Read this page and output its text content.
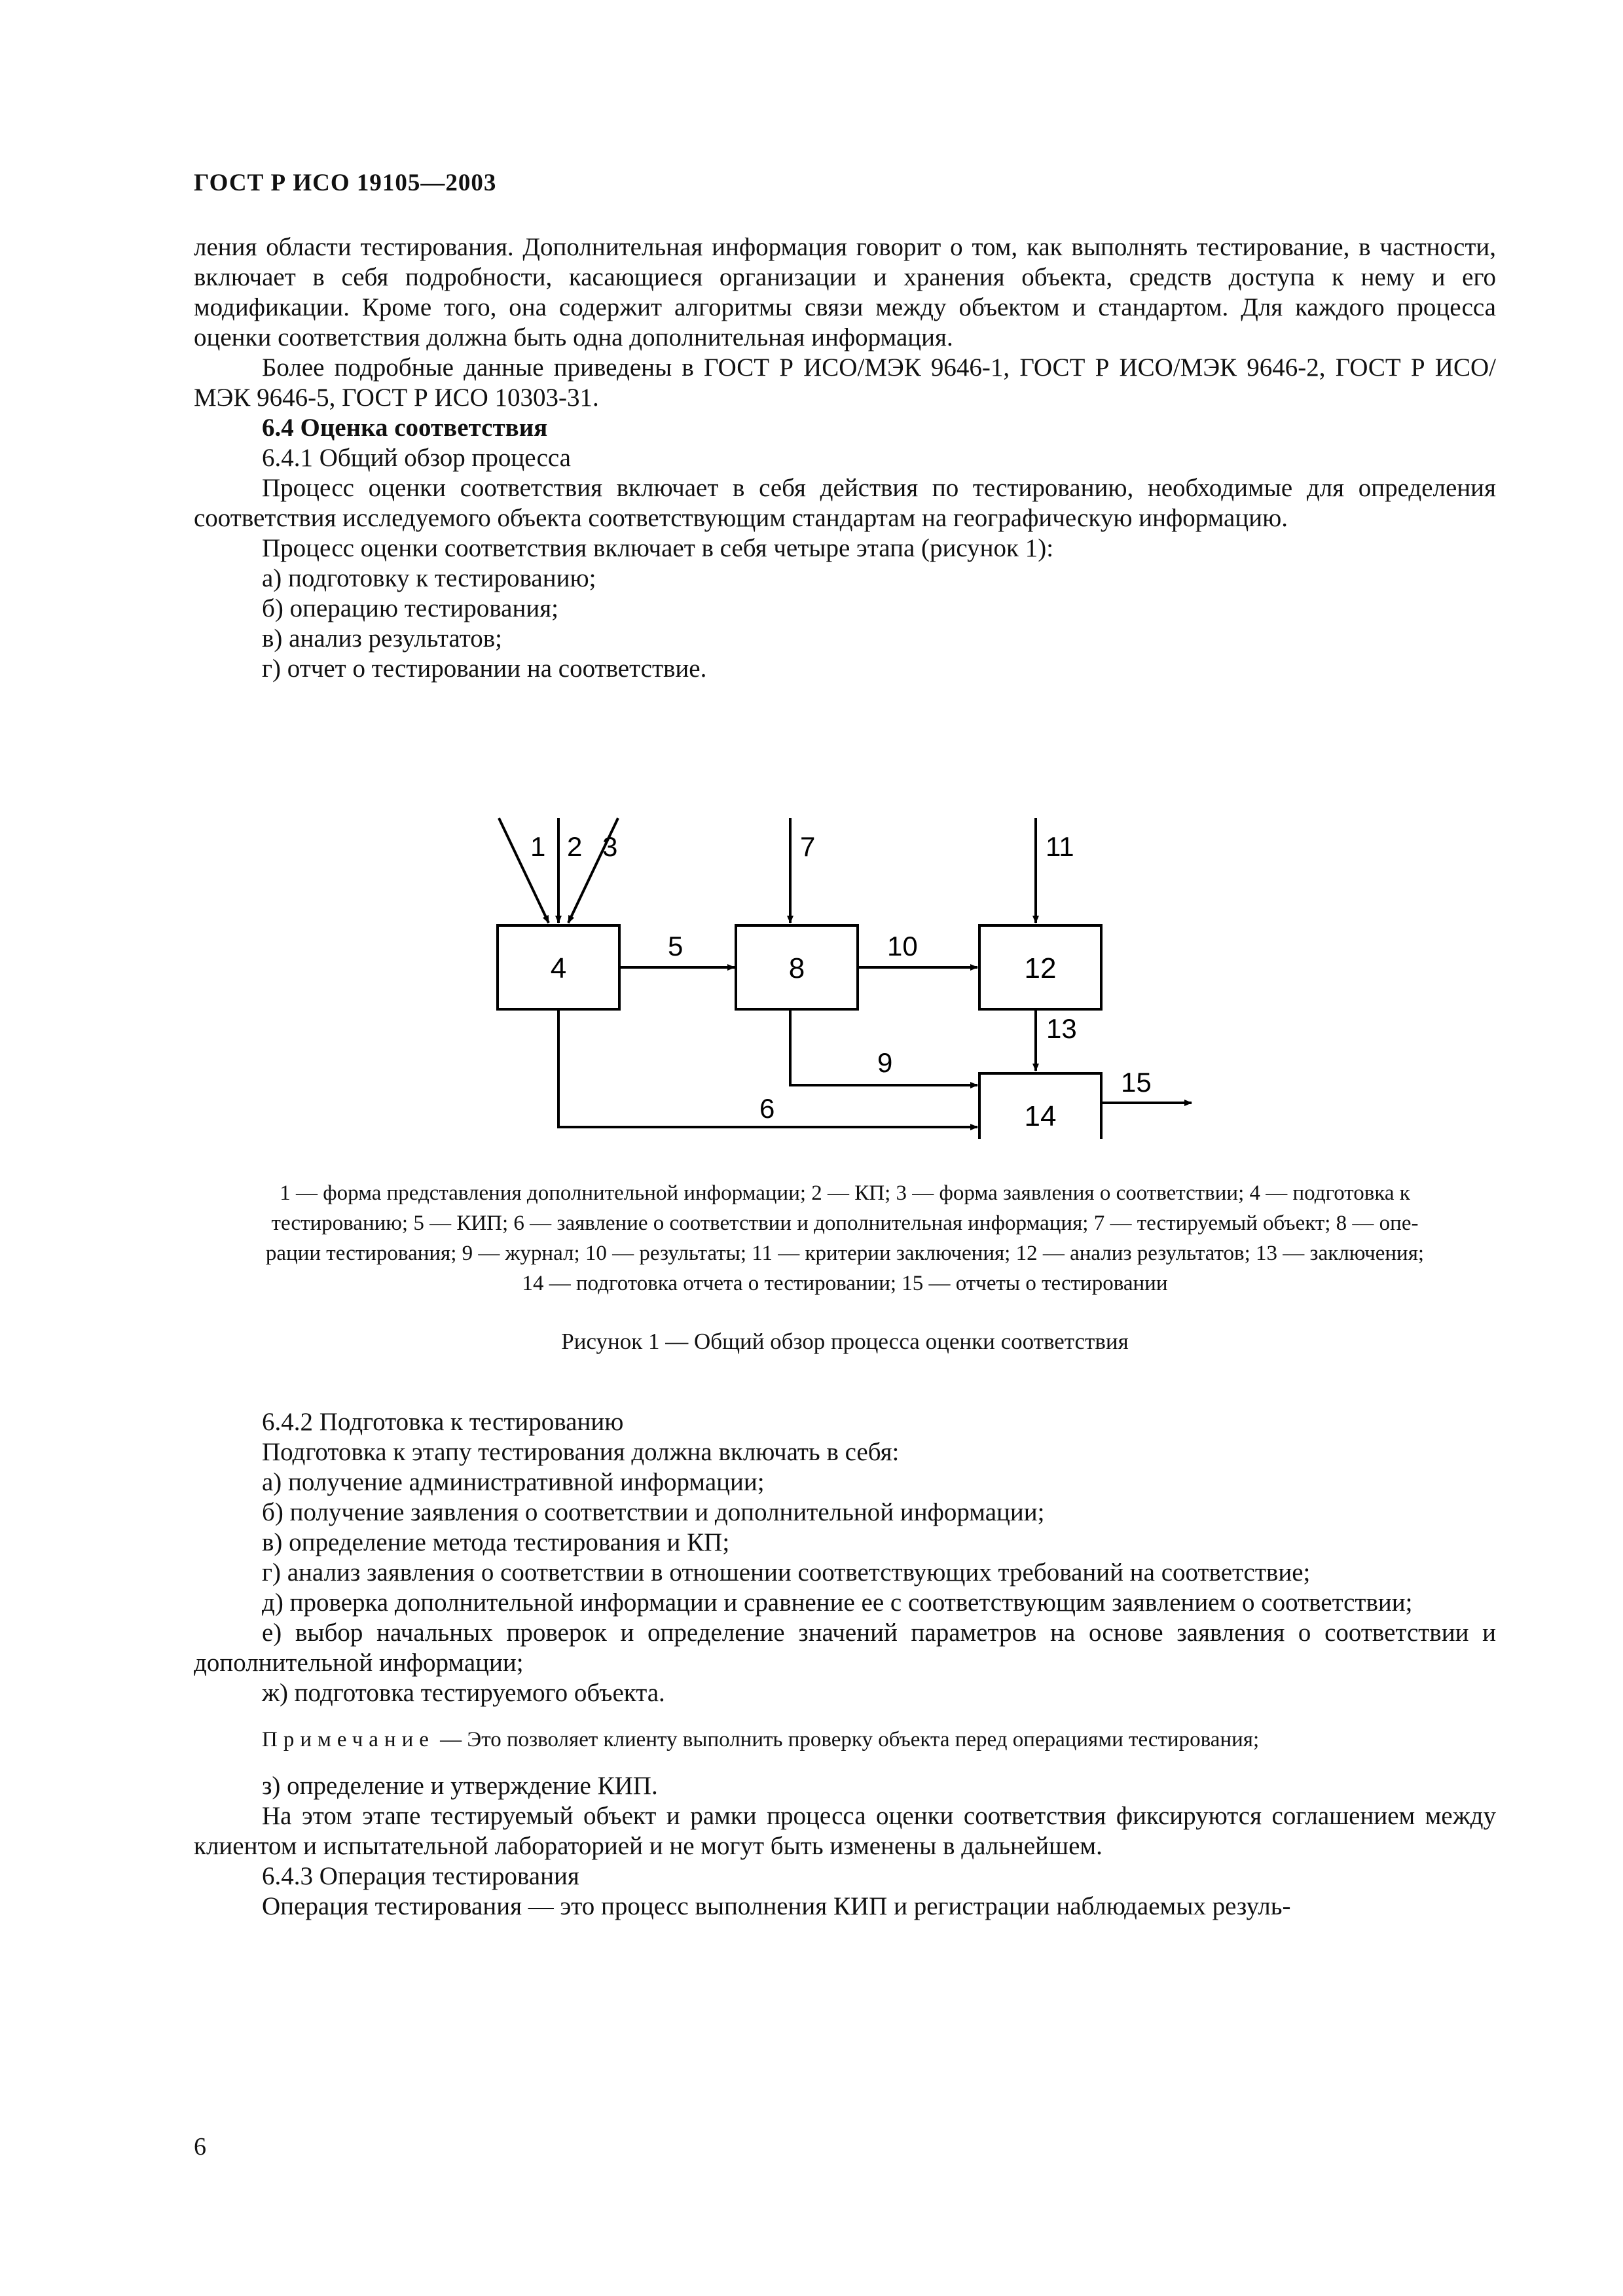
ГОСТ Р ИСО 19105—2003

ления области тестирования. Дополнительная информация говорит о том, как выполнять тестирование, в частности, включает в себя подробности, касающиеся организации и хранения объекта, средств доступа к нему и его модификации. Кроме того, она содержит алгоритмы связи между объектом и стандартом. Для каждого процесса оценки соответствия должна быть одна дополнительная информация.

Более подробные данные приведены в ГОСТ Р ИСО/МЭК 9646-1, ГОСТ Р ИСО/МЭК 9646-2, ГОСТ Р ИСО/МЭК 9646-5, ГОСТ Р ИСО 10303-31.

6.4 Оценка соответствия

6.4.1 Общий обзор процесса

Процесс оценки соответствия включает в себя действия по тестированию, необходимые для определения соответствия исследуемого объекта соответствующим стандартам на географическую информацию.

Процесс оценки соответствия включает в себя четыре этапа (рисунок 1):

а) подготовку к тестированию;

б) операцию тестирования;

в) анализ результатов;

г) отчет о тестировании на соответствие.

1 2 3
5
7
10
11
13
9
6
15
4	8	12
14
1 — форма представления дополнительной информации; 2 — КП; 3 — форма заявления о соответствии; 4 — подготовка к
тестированию; 5 — КИП; 6 — заявление о соответствии и дополнительная информация; 7 — тестируемый объект; 8 — опе-
рации тестирования; 9 — журнал; 10 — результаты; 11 — критерии заключения; 12 — анализ результатов; 13 — заключения;
14 — подготовка отчета о тестировании; 15 — отчеты о тестировании
Рисунок 1 — Общий обзор процесса оценки соответствия

6.4.2 Подготовка к тестированию

Подготовка к этапу тестирования должна включать в себя:

а) получение административной информации;

б) получение заявления о соответствии и дополнительной информации;

в) определение метода тестирования и КП;

г) анализ заявления о соответствии в отношении соответствующих требований на соответствие;

д) проверка дополнительной информации и сравнение ее с соответствующим заявлением о соответствии;

е) выбор начальных проверок и определение значений параметров на основе заявления о соответствии и дополнительной информации;

ж) подготовка тестируемого объекта.

Примечание — Это позволяет клиенту выполнить проверку объекта перед операциями тестирования;

з) определение и утверждение КИП.

На этом этапе тестируемый объект и рамки процесса оценки соответствия фиксируются соглашением между клиентом и испытательной лабораторией и не могут быть изменены в дальнейшем.

6.4.3 Операция тестирования

Операция тестирования — это процесс выполнения КИП и регистрации наблюдаемых резуль-

6
